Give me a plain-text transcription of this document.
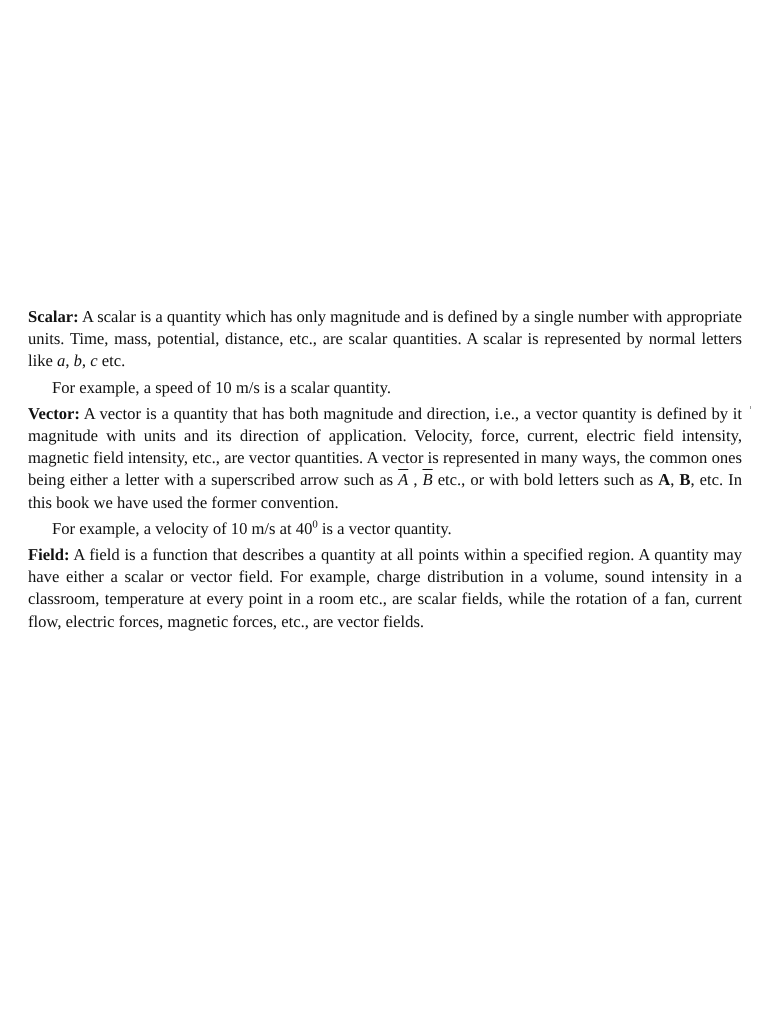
Scalar: A scalar is a quantity which has only magnitude and is defined by a single number with appropriate units. Time, mass, potential, distance, etc., are scalar quantities. A scalar is represented by normal letters like a, b, c etc.

For example, a speed of 10 m/s is a scalar quantity.

Vector: A vector is a quantity that has both magnitude and direction, i.e., a vector quantity is defined by it magnitude with units and its direction of application. Velocity, force, current, electric field intensity, magnetic field intensity, etc., are vector quantities. A vector is represented in many ways, the common ones being either a letter with a superscribed arrow such as $\overline{A}$ , $\overline{B}$ etc., or with bold letters such as A, B, etc. In this book we have used the former convention.

For example, a velocity of 10 m/s at $40^0$ is a vector quantity.

Field: A field is a function that describes a quantity at all points within a specified region. A quantity may have either a scalar or vector field. For example, charge distribution in a volume, sound intensity in a classroom, temperature at every point in a room etc., are scalar fields, while the rotation of a fan, current flow, electric forces, magnetic forces, etc., are vector fields.
